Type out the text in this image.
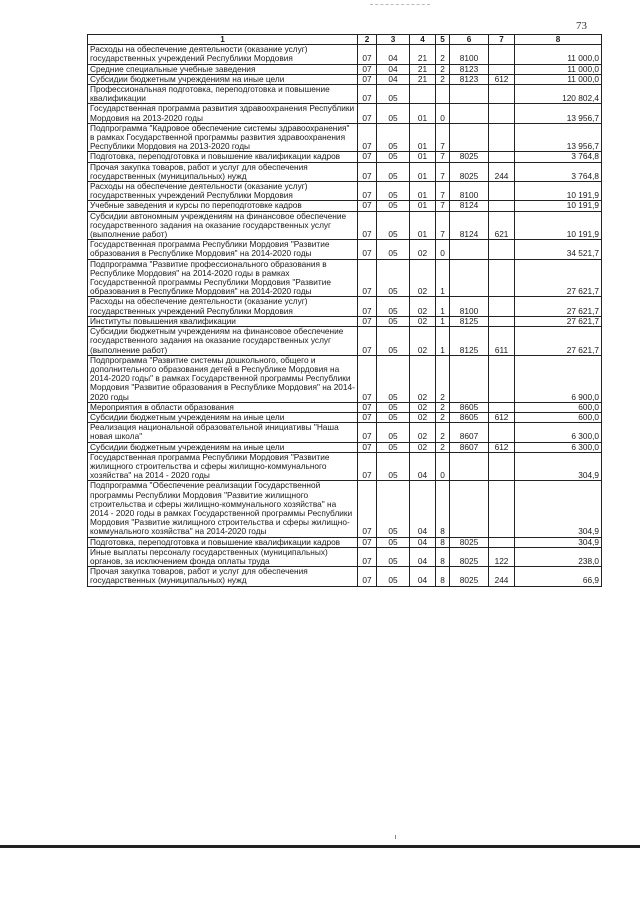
73
1	2	3	4	5	6	7	8
Расходы на обеспечение деятельности (оказание услуг) государственных учреждений Республики Мордовия	07	04	21	2	8100		11 000,0
Средние специальные учебные заведения	07	04	21	2	8123		11 000,0
Субсидии бюджетным учреждениям на иные цели	07	04	21	2	8123	612	11 000,0
Профессиональная подготовка, переподготовка и повышение квалификации	07	05					120 802,4
Государственная программа развития здравоохранения Республики Мордовия на 2013-2020 годы	07	05	01	0			13 956,7
Подпрограмма "Кадровое обеспечение системы здравоохранения" в рамках Государственной программы развития здравоохранения Республики Мордовия на 2013-2020 годы	07	05	01	7			13 956,7
Подготовка, переподготовка и повышение квалификации кадров	07	05	01	7	8025		3 764,8
Прочая закупка товаров, работ и услуг для обеспечения государственных (муниципальных) нужд	07	05	01	7	8025	244	3 764,8
Расходы на обеспечение деятельности (оказание услуг) государственных учреждений Республики Мордовия	07	05	01	7	8100		10 191,9
Учебные заведения и курсы по переподготовке кадров	07	05	01	7	8124		10 191,9
Субсидии автономным учреждениям на финансовое обеспечение государственного задания на оказание государственных услуг (выполнение работ)	07	05	01	7	8124	621	10 191,9
Государственная программа Республики Мордовия "Развитие образования в Республике Мордовия" на 2014-2020 годы	07	05	02	0			34 521,7
Подпрограмма "Развитие профессионального образования в Республике Мордовия" на 2014-2020 годы в рамках Государственной программы Республики Мордовия "Развитие образования в Республике Мордовия" на 2014-2020 годы	07	05	02	1			27 621,7
Расходы на обеспечение деятельности (оказание услуг) государственных учреждений Республики Мордовия	07	05	02	1	8100		27 621,7
Институты повышения квалификации	07	05	02	1	8125		27 621,7
Субсидии бюджетным учреждениям на финансовое обеспечение государственного задания на оказание государственных услуг (выполнение работ)	07	05	02	1	8125	611	27 621,7
Подпрограмма "Развитие системы дошкольного, общего и дополнительного образования детей в Республике Мордовия на 2014-2020 годы" в рамках Государственной программы Республики Мордовия "Развитие образования в Республике Мордовия" на 2014-2020 годы	07	05	02	2			6 900,0
Мероприятия в области образования	07	05	02	2	8605		600,0
Субсидии бюджетным учреждениям на иные цели	07	05	02	2	8605	612	600,0
Реализация национальной образовательной инициативы "Наша новая школа"	07	05	02	2	8607		6 300,0
Субсидии бюджетным учреждениям на иные цели	07	05	02	2	8607	612	6 300,0
Государственная программа Республики Мордовия "Развитие жилищного строительства и сферы жилищно-коммунального хозяйства" на 2014 - 2020 годы	07	05	04	0			304,9
Подпрограмма "Обеспечение реализации Государственной программы Республики Мордовия "Развитие жилищного строительства и сферы жилищно-коммунального хозяйства" на 2014 - 2020 годы в рамках Государственной программы Республики Мордовия "Развитие жилищного строительства и сферы жилищно-коммунального хозяйства" на 2014-2020 годы	07	05	04	8			304,9
Подготовка, переподготовка и повышение квалификации кадров	07	05	04	8	8025		304,9
Иные выплаты персоналу государственных (муниципальных) органов, за исключением фонда оплаты труда	07	05	04	8	8025	122	238,0
Прочая закупка товаров, работ и услуг для обеспечения государственных (муниципальных) нужд	07	05	04	8	8025	244	66,9
